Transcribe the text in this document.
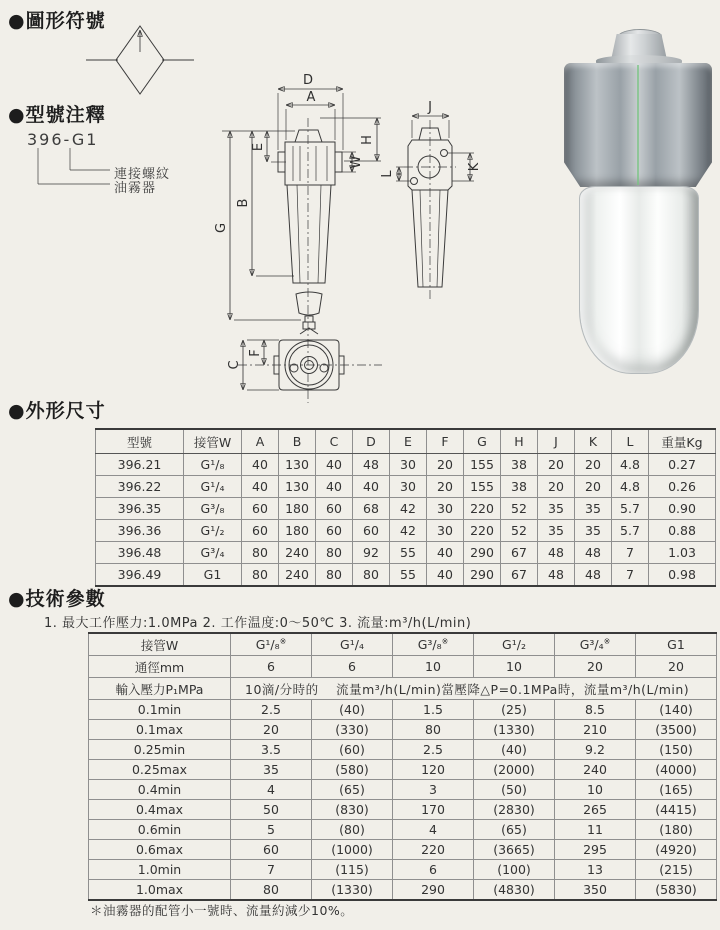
●圖形符號
●型號注釋
396-G1
連接螺紋
油霧器
D
A
E
W
H
B
G
C
F
J
K
L
●外形尺寸
型號	接管W	A	B	C	D	E	F	G	H	J	K	L	重量Kg
396.21	G¹/₈	40	130	40	48	30	20	155	38	20	20	4.8	0.27
396.22	G¹/₄	40	130	40	40	30	20	155	38	20	20	4.8	0.26
396.35	G³/₈	60	180	60	68	42	30	220	52	35	35	5.7	0.90
396.36	G¹/₂	60	180	60	60	42	30	220	52	35	35	5.7	0.88
396.48	G³/₄	80	240	80	92	55	40	290	67	48	48	7	1.03
396.49	G1	80	240	80	80	55	40	290	67	48	48	7	0.98
●技術參數
1. 最大工作壓力:1.0MPa 2. 工作温度:0～50℃ 3. 流量:m³/h(L/min)
接管W	G¹/₈※	G¹/₄	G³/₈※	G¹/₂	G³/₄※	G1
通徑mm	6	6	10	10	20	20
輸入壓力P₁MPa	10滴/分時的　 流量m³/h(L/min)當壓降△P=0.1MPa時，流量m³/h(L/min)					
0.1min	2.5	(40)	1.5	(25)	8.5	(140)
0.1max	20	(330)	80	(1330)	210	(3500)
0.25min	3.5	(60)	2.5	(40)	9.2	(150)
0.25max	35	(580)	120	(2000)	240	(4000)
0.4min	4	(65)	3	(50)	10	(165)
0.4max	50	(830)	170	(2830)	265	(4415)
0.6min	5	(80)	4	(65)	11	(180)
0.6max	60	(1000)	220	(3665)	295	(4920)
1.0min	7	(115)	6	(100)	13	(215)
1.0max	80	(1330)	290	(4830)	350	(5830)
＊油霧器的配管小一號時、流量約減少10%。
